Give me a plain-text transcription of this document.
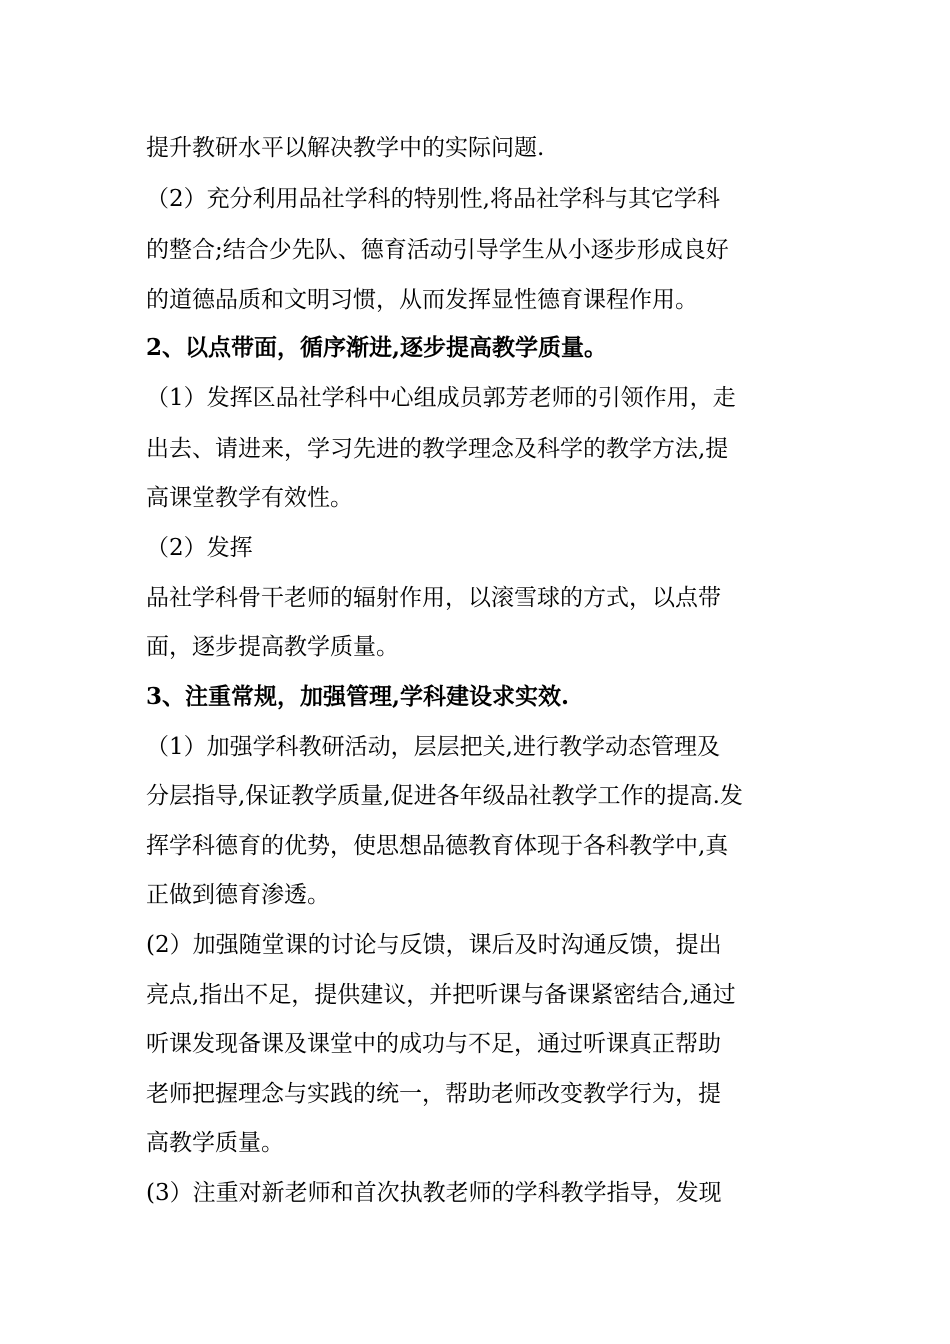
提升教研水平以解决教学中的实际问题.
（2）充分利用品社学科的特别性,将品社学科与其它学科
的整合;结合少先队、德育活动引导学生从小逐步形成良好
的道德品质和文明习惯，从而发挥显性德育课程作用。
2、以点带面，循序渐进,逐步提高教学质量。
（1）发挥区品社学科中心组成员郭芳老师的引领作用，走
出去、请进来，学习先进的教学理念及科学的教学方法,提
高课堂教学有效性。
（2）发挥
品社学科骨干老师的辐射作用，以滚雪球的方式，以点带
面，逐步提高教学质量。
3、注重常规，加强管理,学科建设求实效.
（1）加强学科教研活动，层层把关,进行教学动态管理及
分层指导,保证教学质量,促进各年级品社教学工作的提高.发
挥学科德育的优势，使思想品德教育体现于各科教学中,真
正做到德育渗透。
(2）加强随堂课的讨论与反馈，课后及时沟通反馈，提出
亮点,指出不足，提供建议，并把听课与备课紧密结合,通过
听课发现备课及课堂中的成功与不足，通过听课真正帮助
老师把握理念与实践的统一，帮助老师改变教学行为，提
高教学质量。
(3）注重对新老师和首次执教老师的学科教学指导，发现
